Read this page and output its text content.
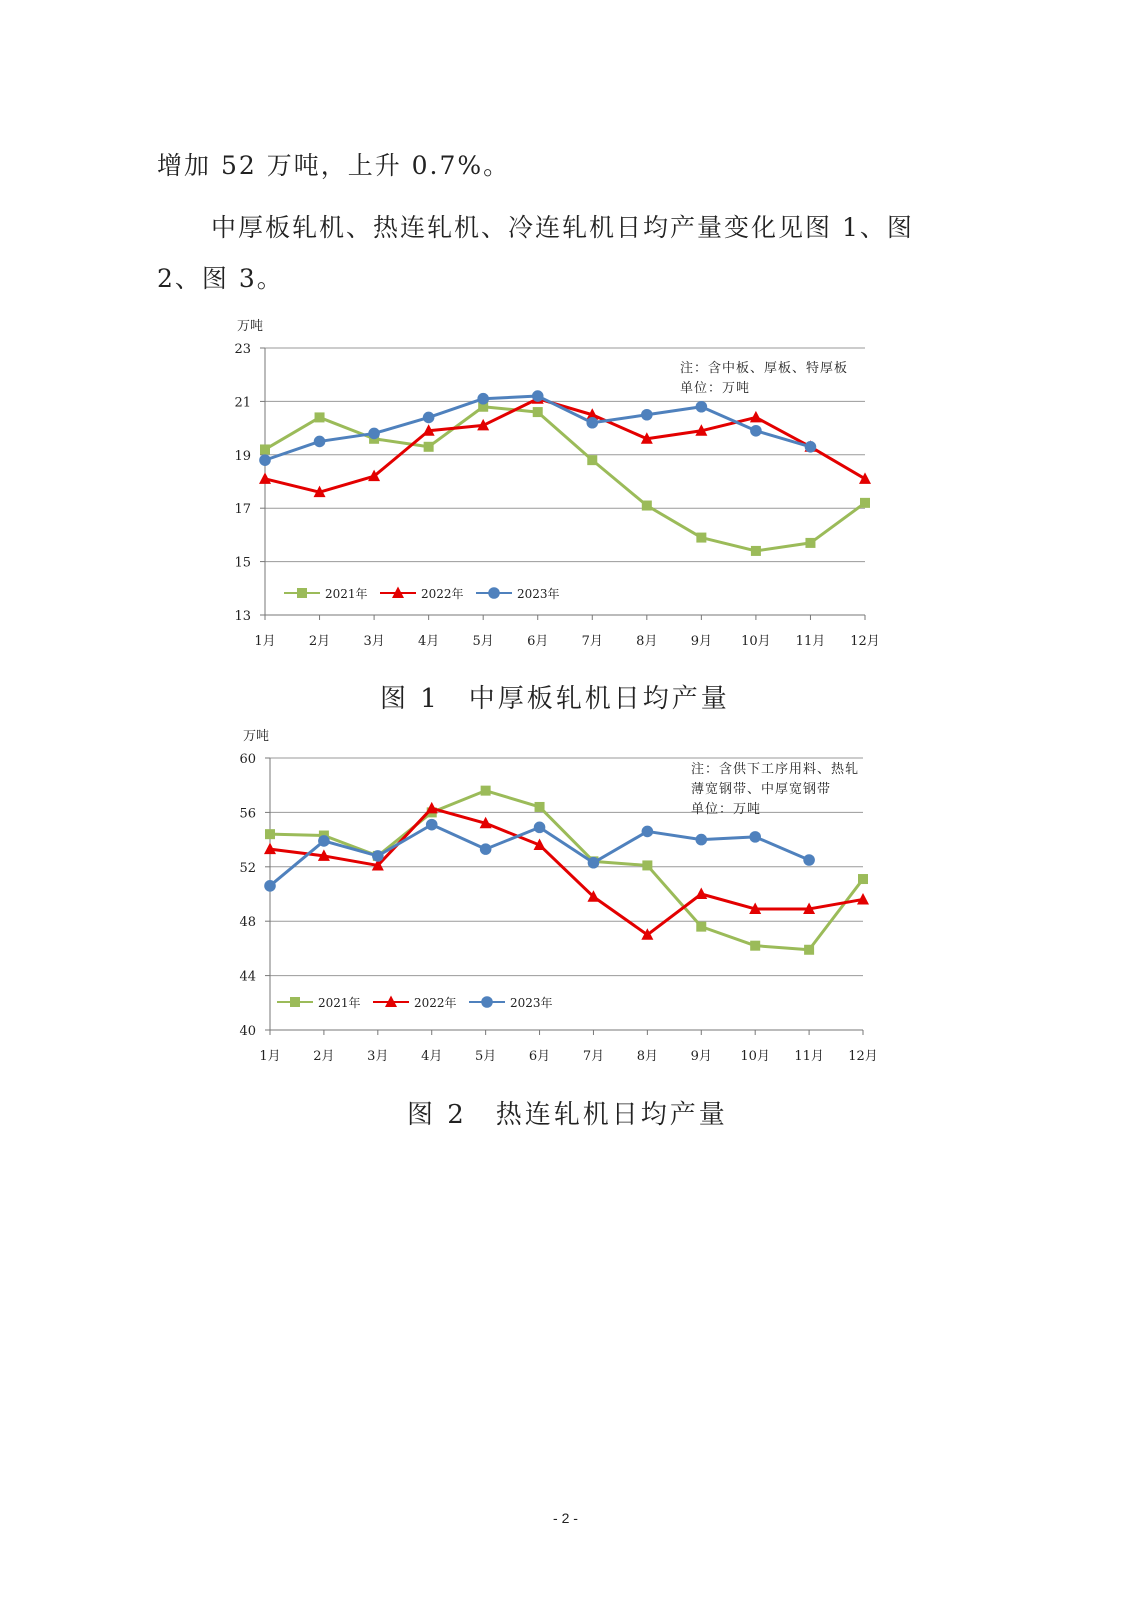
增加 52 万吨，上升 0.7%。
中厚板轧机、热连轧机、冷连轧机日均产量变化见图 1、图
2、图 3。
13
15
17
19
21
23
1月	2月	3月	4月	5月	6月	7月	8月	9月 10月 11月 12月
万吨
注：含中板、厚板、特厚板
单位：万吨
2021年	2022年	2023年
图 1　中厚板轧机日均产量
40
44
48
52
56
60
1月	2月	3月	4月	5月	6月	7月	8月	9月 10月 11月 12月
万吨
注：含供下工序用料、热轧
薄宽钢带、中厚宽钢带
单位：万吨
2021年	2022年	2023年
图 2　热连轧机日均产量
- 2 -
